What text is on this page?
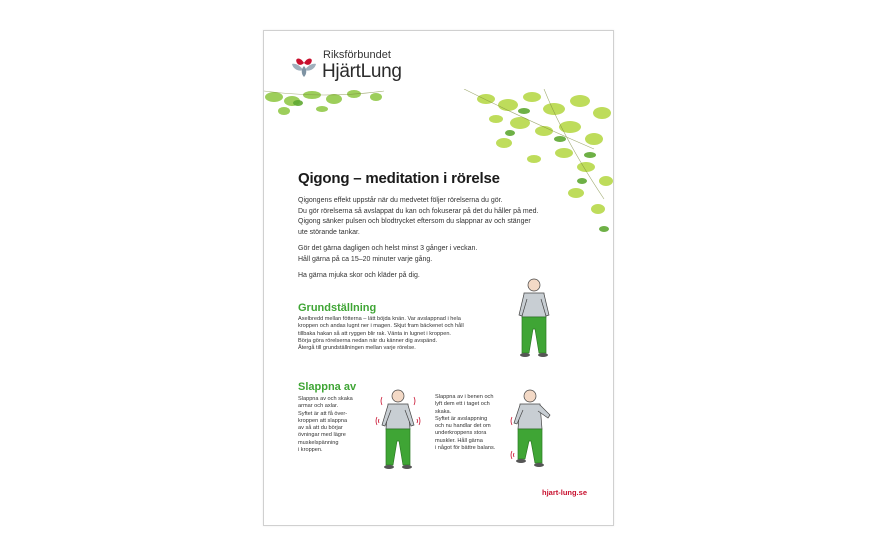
Riksförbundet
HjärtLung
Qigong – meditation i rörelse
Qigongens effekt uppstår när du medvetet följer rörelserna du gör.
Du gör rörelserna så avslappat du kan och fokuserar på det du håller på med.
Qigong sänker pulsen och blodtrycket eftersom du slappnar av och stänger
ute störande tankar.
Gör det gärna dagligen och helst minst 3 gånger i veckan.
Håll gärna på ca 15–20 minuter varje gång.
Ha gärna mjuka skor och kläder på dig.
Grundställning
Axelbredd mellan fötterna – lätt böjda knän. Var avslappnad i hela
kroppen och andas lugnt ner i magen. Skjut fram bäckenet och håll
tillbaka hakan så att ryggen blir rak. Vänta in lugnet i kroppen.
Börja göra rörelserna nedan när du känner dig avspänd.
Återgå till grundställningen mellan varje rörelse.
Slappna av
Slappna av och skaka
armar och axlar.
Syftet är att få över-
kroppen att slappna
av så att du börjar
övningar med lägre
muskelspänning
i kroppen.
Slappna av i benen och
lyft dem ett i taget och
skaka.
Syftet är avslappning
och nu handlar det om
underkroppens stora
muskler. Håll gärna
i något för bättre balans.
hjart-lung.se
